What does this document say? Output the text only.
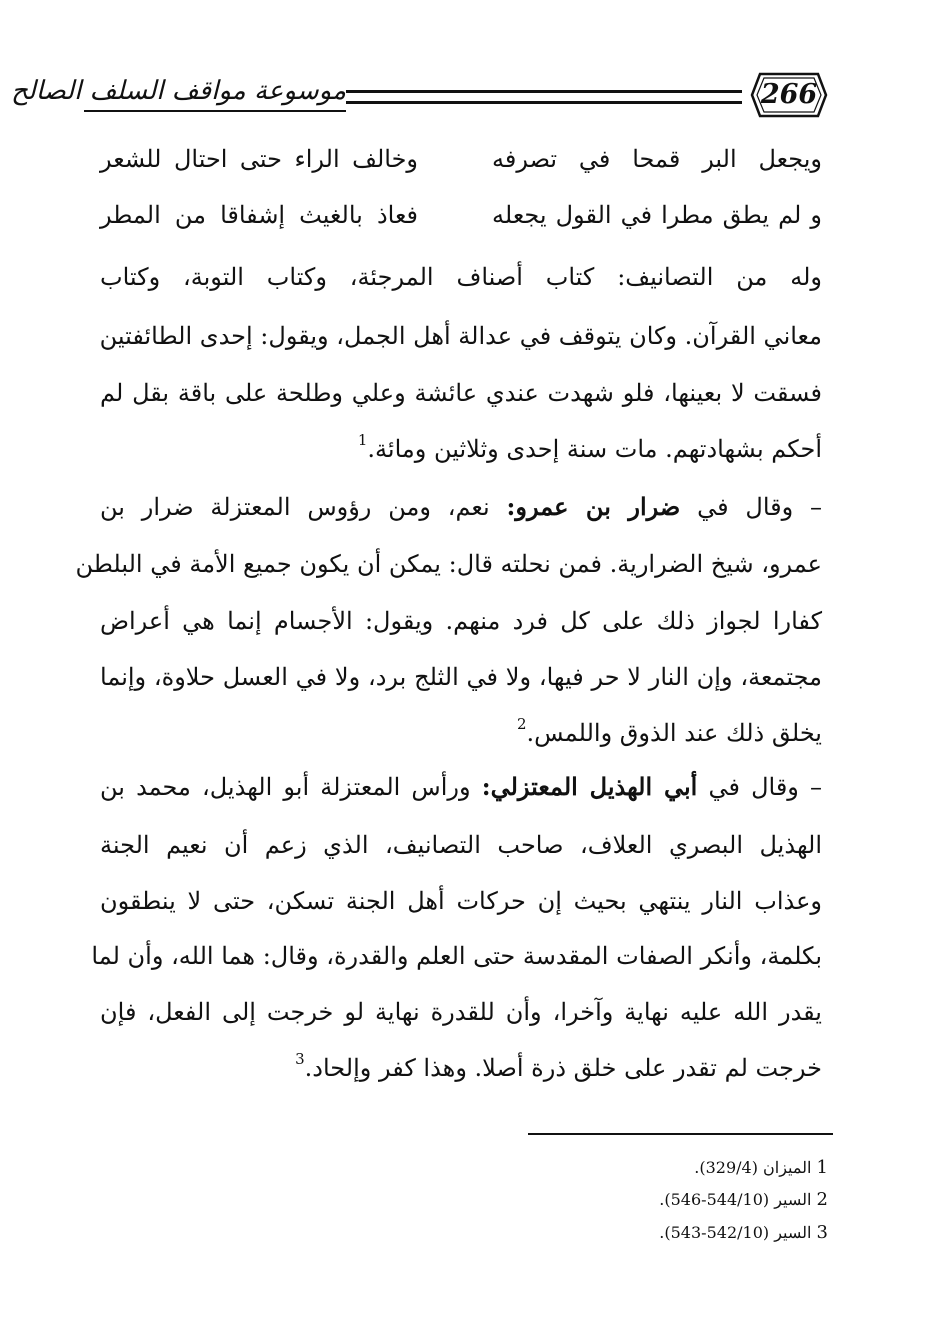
موسوعة مواقف السلف الصالح	266
ويجعل البر قمحا في تصرفه
وخالف الراء حتى احتال للشعر
و لم يطق مطرا في القول يجعله
فعاذ بالغيث إشفاقا من المطر
وله من التصانيف: كتاب أصناف المرجئة، وكتاب التوبة، وكتاب
معاني القرآن. وكان يتوقف في عدالة أهل الجمل، ويقول: إحدى الطائفتين
فسقت لا بعينها، فلو شهدت عندي عائشة وعلي وطلحة على باقة بقل لم
أحكم بشهادتهم. مات سنة إحدى وثلاثين ومائة.$^1$
– وقال في ضرار بن عمرو: نعم، ومن رؤوس المعتزلة ضرار بن
عمرو، شيخ الضرارية. فمن نحلته قال: يمكن أن يكون جميع الأمة في البلطن
كفارا لجواز ذلك على كل فرد منهم. ويقول: الأجسام إنما هي أعراض
مجتمعة، وإن النار لا حر فيها، ولا في الثلج برد، ولا في العسل حلاوة، وإنما
يخلق ذلك عند الذوق واللمس.$^2$
– وقال في أبي الهذيل المعتزلي: ورأس المعتزلة أبو الهذيل، محمد بن
الهذيل البصري العلاف، صاحب التصانيف، الذي زعم أن نعيم الجنة
وعذاب النار ينتهي بحيث إن حركات أهل الجنة تسكن، حتى لا ينطقون
بكلمة، وأنكر الصفات المقدسة حتى العلم والقدرة، وقال: هما الله، وأن لما
يقدر الله عليه نهاية وآخرا، وأن للقدرة نهاية لو خرجت إلى الفعل، فإن
خرجت لم تقدر على خلق ذرة أصلا. وهذا كفر وإلحاد.$^3$
1 الميزان (329/4).
2 السير (544/10-546).
3 السير (542/10-543).
